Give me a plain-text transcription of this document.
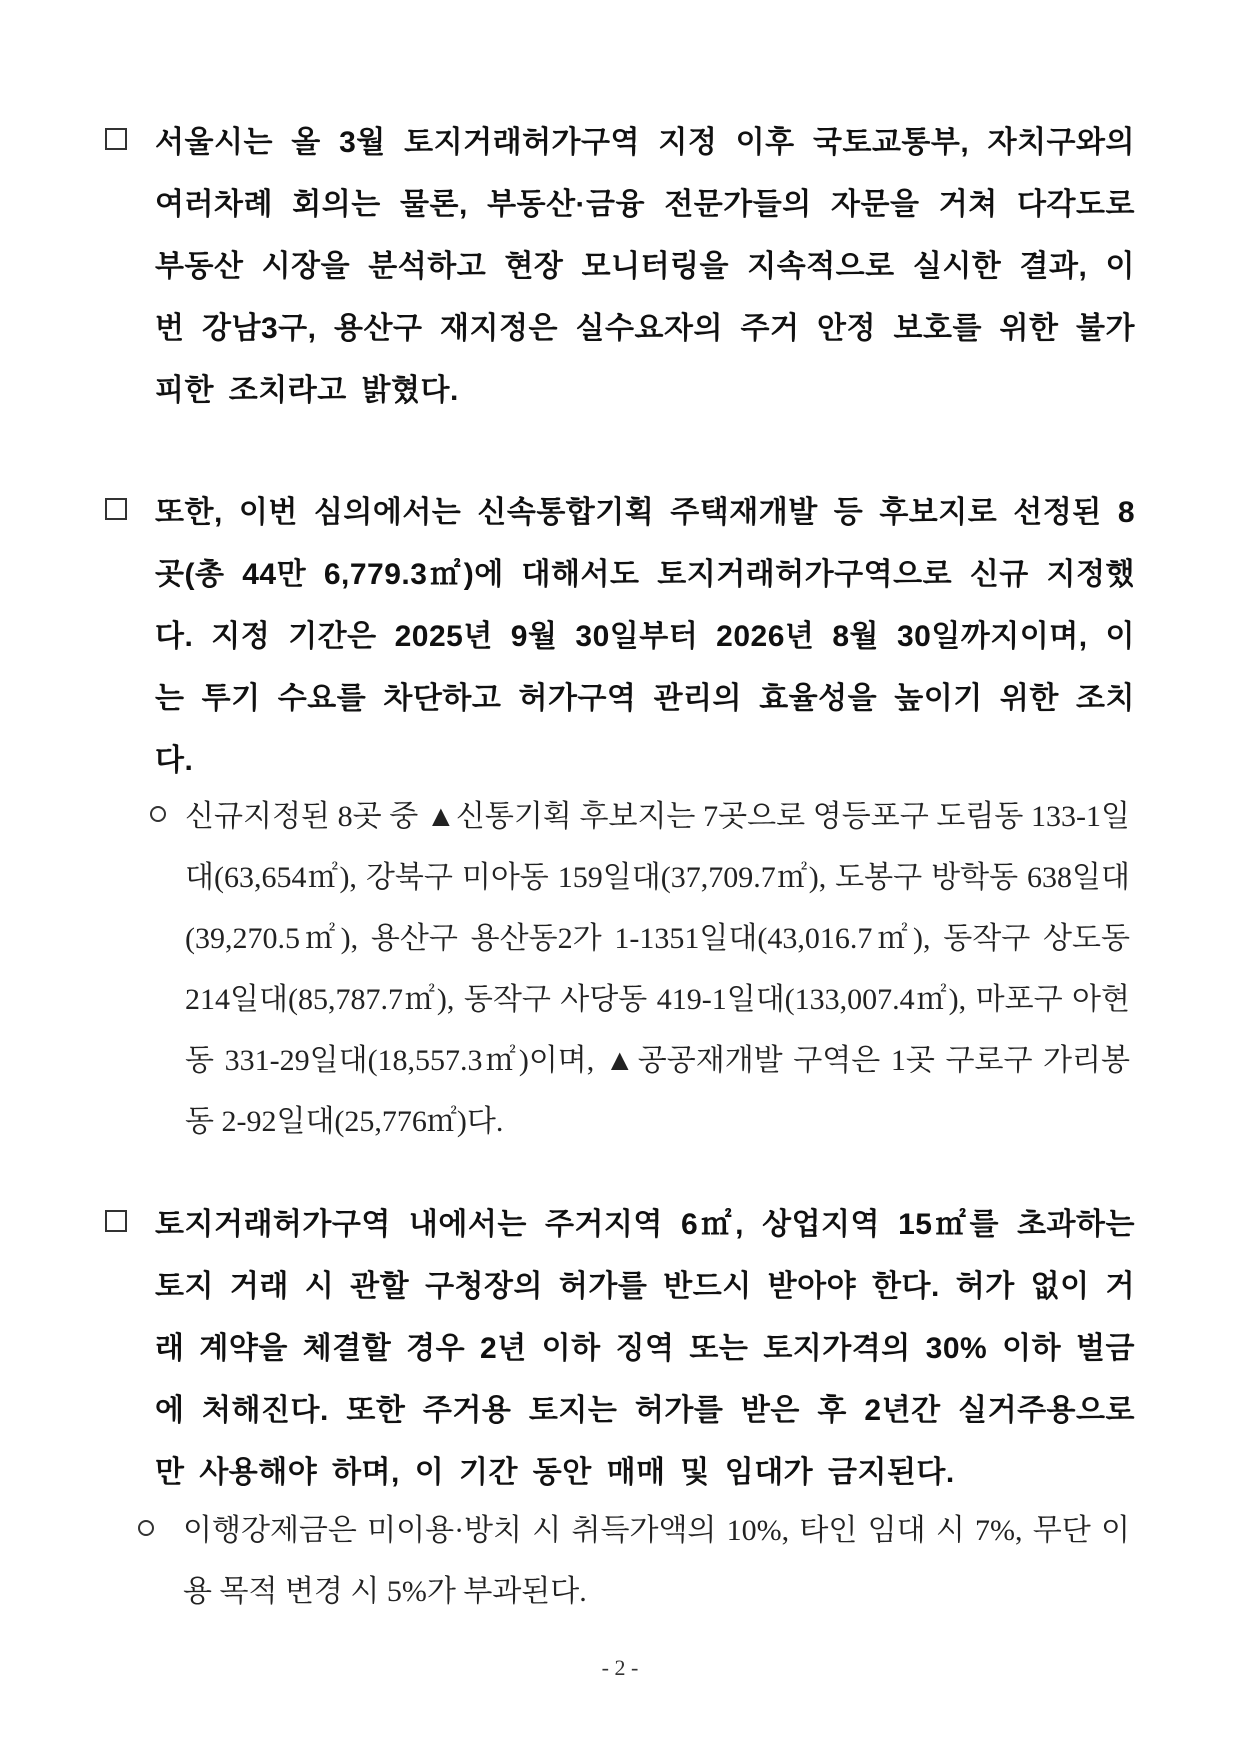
서울시는 올 3월 토지거래허가구역 지정 이후 국토교통부, 자치구와의 여러차례 회의는 물론, 부동산·금융 전문가들의 자문을 거쳐 다각도로 부동산 시장을 분석하고 현장 모니터링을 지속적으로 실시한 결과, 이번 강남3구, 용산구 재지정은 실수요자의 주거 안정 보호를 위한 불가피한 조치라고 밝혔다.

또한, 이번 심의에서는 신속통합기획 주택재개발 등 후보지로 선정된 8곳(총 44만 6,779.3㎡)에 대해서도 토지거래허가구역으로 신규 지정했다. 지정 기간은 2025년 9월 30일부터 2026년 8월 30일까지이며, 이는 투기 수요를 차단하고 허가구역 관리의 효율성을 높이기 위한 조치다.

신규지정된 8곳 중 ▲신통기획 후보지는 7곳으로 영등포구 도림동 133-1일대(63,654㎡), 강북구 미아동 159일대(37,709.7㎡), 도봉구 방학동 638일대(39,270.5㎡), 용산구 용산동2가 1-1351일대(43,016.7㎡), 동작구 상도동 214일대(85,787.7㎡), 동작구 사당동 419-1일대(133,007.4㎡), 마포구 아현동 331-29일대(18,557.3㎡)이며, ▲공공재개발 구역은 1곳 구로구 가리봉동 2-92일대(25,776㎡)다.

토지거래허가구역 내에서는 주거지역 6㎡, 상업지역 15㎡를 초과하는 토지 거래 시 관할 구청장의 허가를 반드시 받아야 한다. 허가 없이 거래 계약을 체결할 경우 2년 이하 징역 또는 토지가격의 30% 이하 벌금에 처해진다. 또한 주거용 토지는 허가를 받은 후 2년간 실거주용으로만 사용해야 하며, 이 기간 동안 매매 및 임대가 금지된다.

이행강제금은 미이용·방치 시 취득가액의 10%, 타인 임대 시 7%, 무단 이용 목적 변경 시 5%가 부과된다.

- 2 -
